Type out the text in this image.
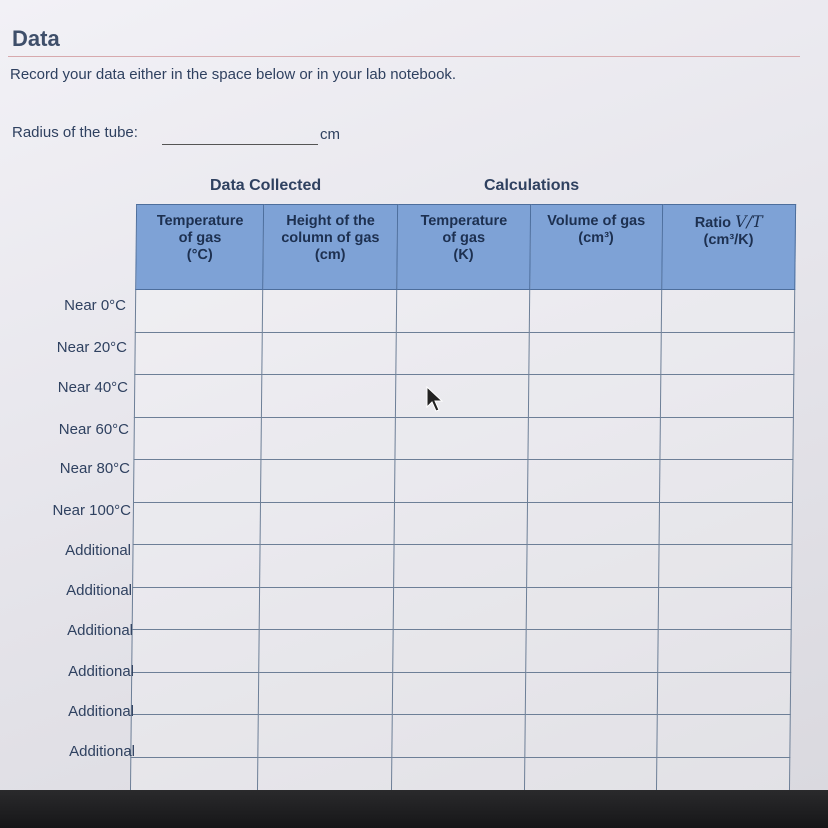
Data
Record your data either in the space below or in your lab notebook.
Radius of the tube:	cm
Data Collected	Calculations
Temperature
of gas
(°C)	Height of the
column of gas
(cm)	Temperature
of gas
(K)	Volume of gas
(cm³)	Ratio V/T
(cm³/K)

Near 0°C
Near 20°C
Near 40°C
Near 60°C
Near 80°C
Near 100°C
Additional
Additional
Additional
Additional
Additional
Additional
